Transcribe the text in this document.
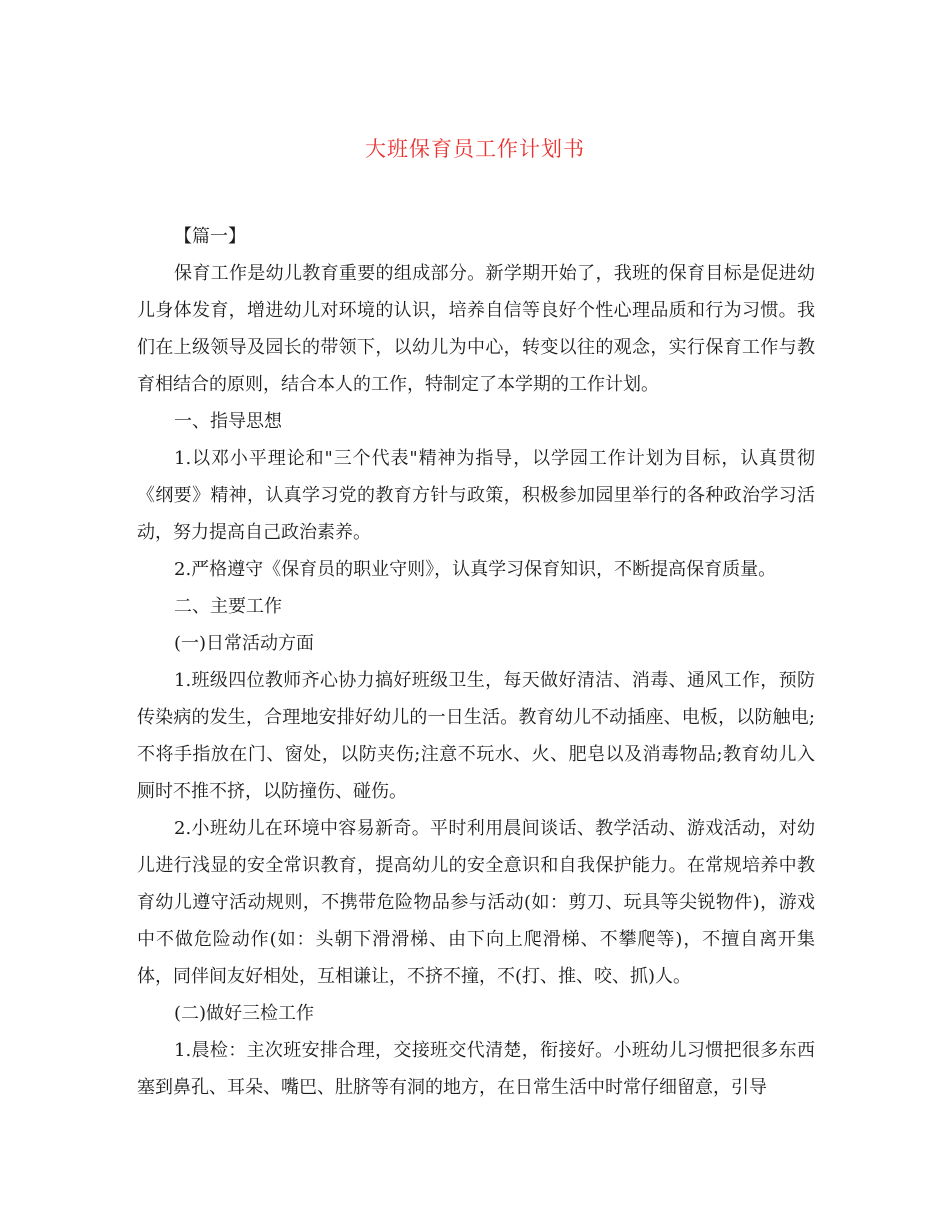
大班保育员工作计划书

【篇一】

保育工作是幼儿教育重要的组成部分。新学期开始了，我班的保育目标是促进幼儿身体发育，增进幼儿对环境的认识，培养自信等良好个性心理品质和行为习惯。我们在上级领导及园长的带领下，以幼儿为中心，转变以往的观念，实行保育工作与教育相结合的原则，结合本人的工作，特制定了本学期的工作计划。

一、指导思想

1.以邓小平理论和"三个代表"精神为指导，以学园工作计划为目标，认真贯彻《纲要》精神，认真学习党的教育方针与政策，积极参加园里举行的各种政治学习活动，努力提高自己政治素养。

2.严格遵守《保育员的职业守则》，认真学习保育知识，不断提高保育质量。

二、主要工作

(一)日常活动方面

1.班级四位教师齐心协力搞好班级卫生，每天做好清洁、消毒、通风工作，预防传染病的发生，合理地安排好幼儿的一日生活。教育幼儿不动插座、电板，以防触电;不将手指放在门、窗处，以防夹伤;注意不玩水、火、肥皂以及消毒物品;教育幼儿入厕时不推不挤，以防撞伤、碰伤。

2.小班幼儿在环境中容易新奇。平时利用晨间谈话、教学活动、游戏活动，对幼儿进行浅显的安全常识教育，提高幼儿的安全意识和自我保护能力。在常规培养中教育幼儿遵守活动规则，不携带危险物品参与活动(如：剪刀、玩具等尖锐物件)，游戏中不做危险动作(如：头朝下滑滑梯、由下向上爬滑梯、不攀爬等)，不擅自离开集体，同伴间友好相处，互相谦让，不挤不撞，不(打、推、咬、抓)人。

(二)做好三检工作

1.晨检：主次班安排合理，交接班交代清楚，衔接好。小班幼儿习惯把很多东西塞到鼻孔、耳朵、嘴巴、肚脐等有洞的地方，在日常生活中时常仔细留意，引导
